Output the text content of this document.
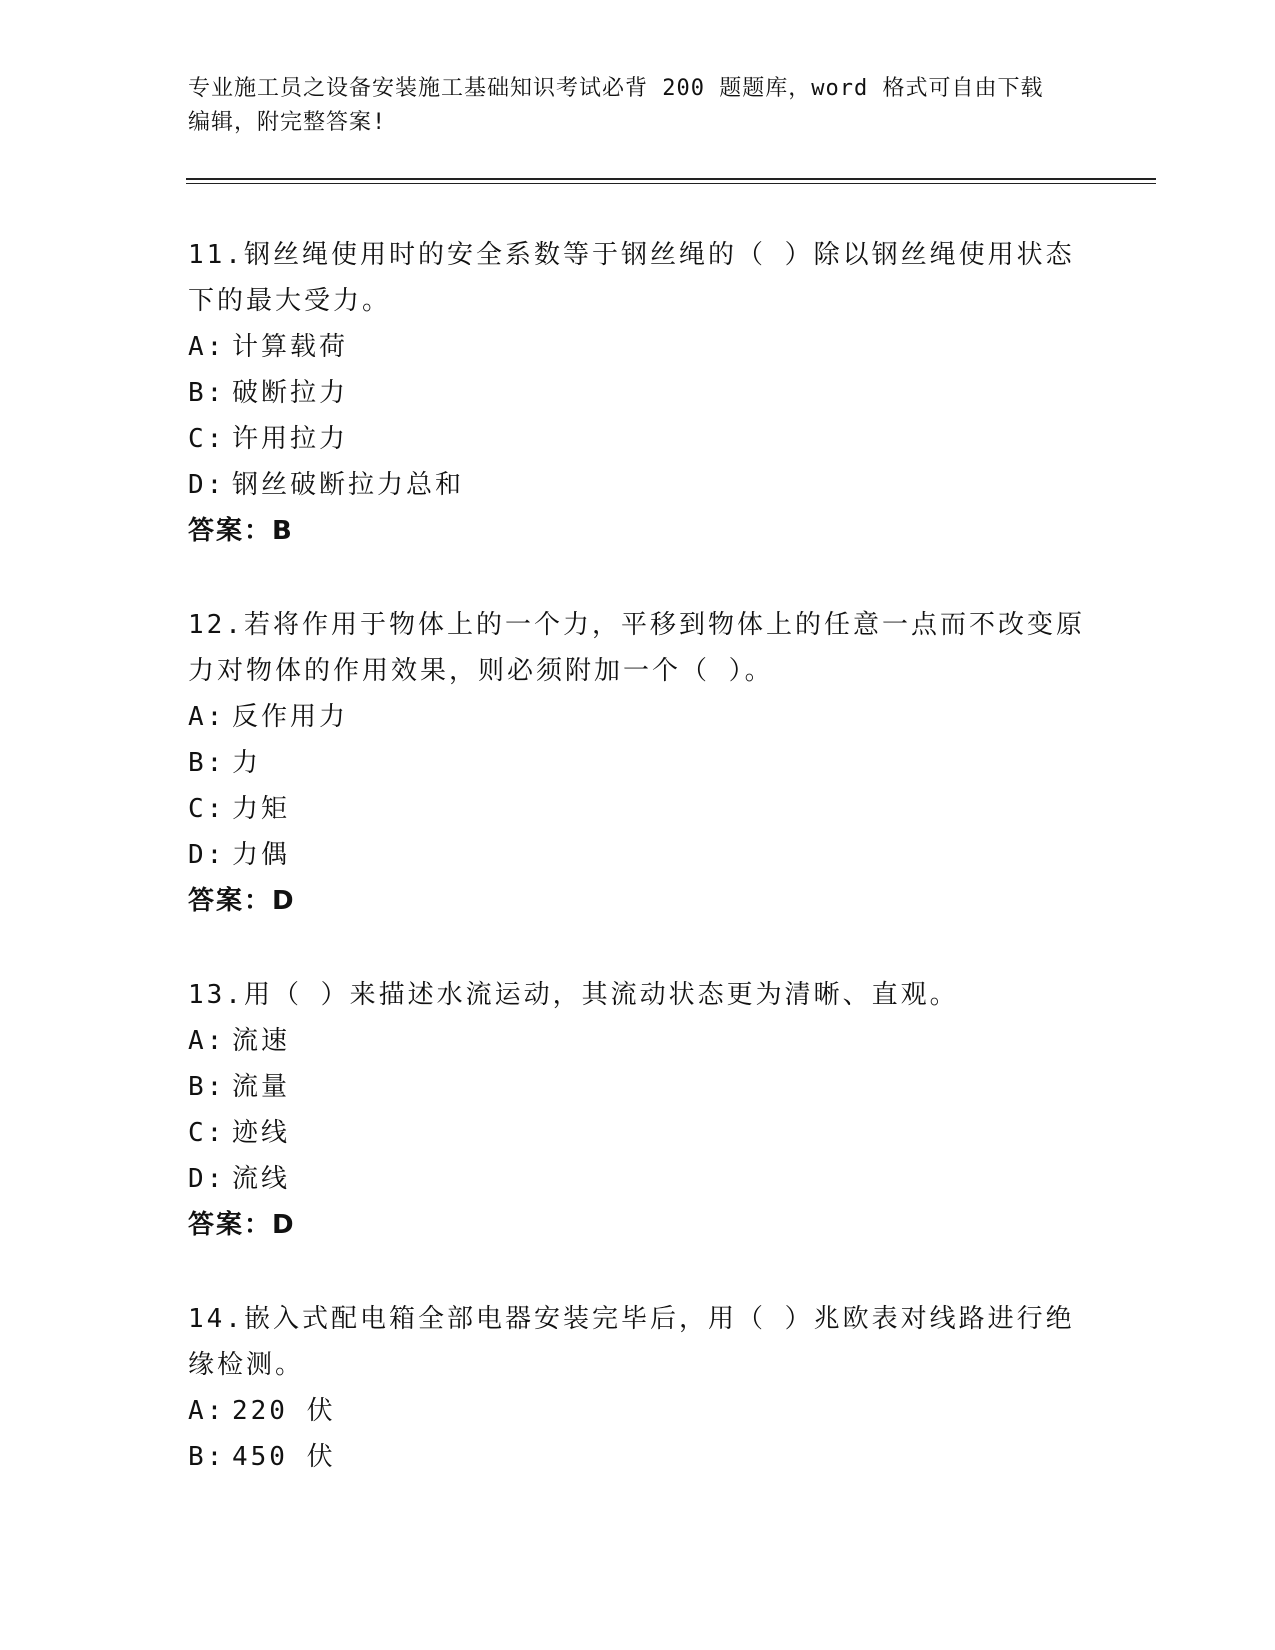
专业施工员之设备安装施工基础知识考试必背 200 题题库，word 格式可自由下载
编辑，附完整答案!
11.钢丝绳使用时的安全系数等于钢丝绳的（ ）除以钢丝绳使用状态下的最大受力。
A: 计算载荷
B: 破断拉力
C: 许用拉力
D: 钢丝破断拉力总和
答案：B
12.若将作用于物体上的一个力，平移到物体上的任意一点而不改变原力对物体的作用效果，则必须附加一个（ ）。
A: 反作用力
B: 力
C: 力矩
D: 力偶
答案：D
13.用（ ）来描述水流运动，其流动状态更为清晰、直观。
A: 流速
B: 流量
C: 迹线
D: 流线
答案：D
14.嵌入式配电箱全部电器安装完毕后，用（ ）兆欧表对线路进行绝缘检测。
A: 220 伏
B: 450 伏
